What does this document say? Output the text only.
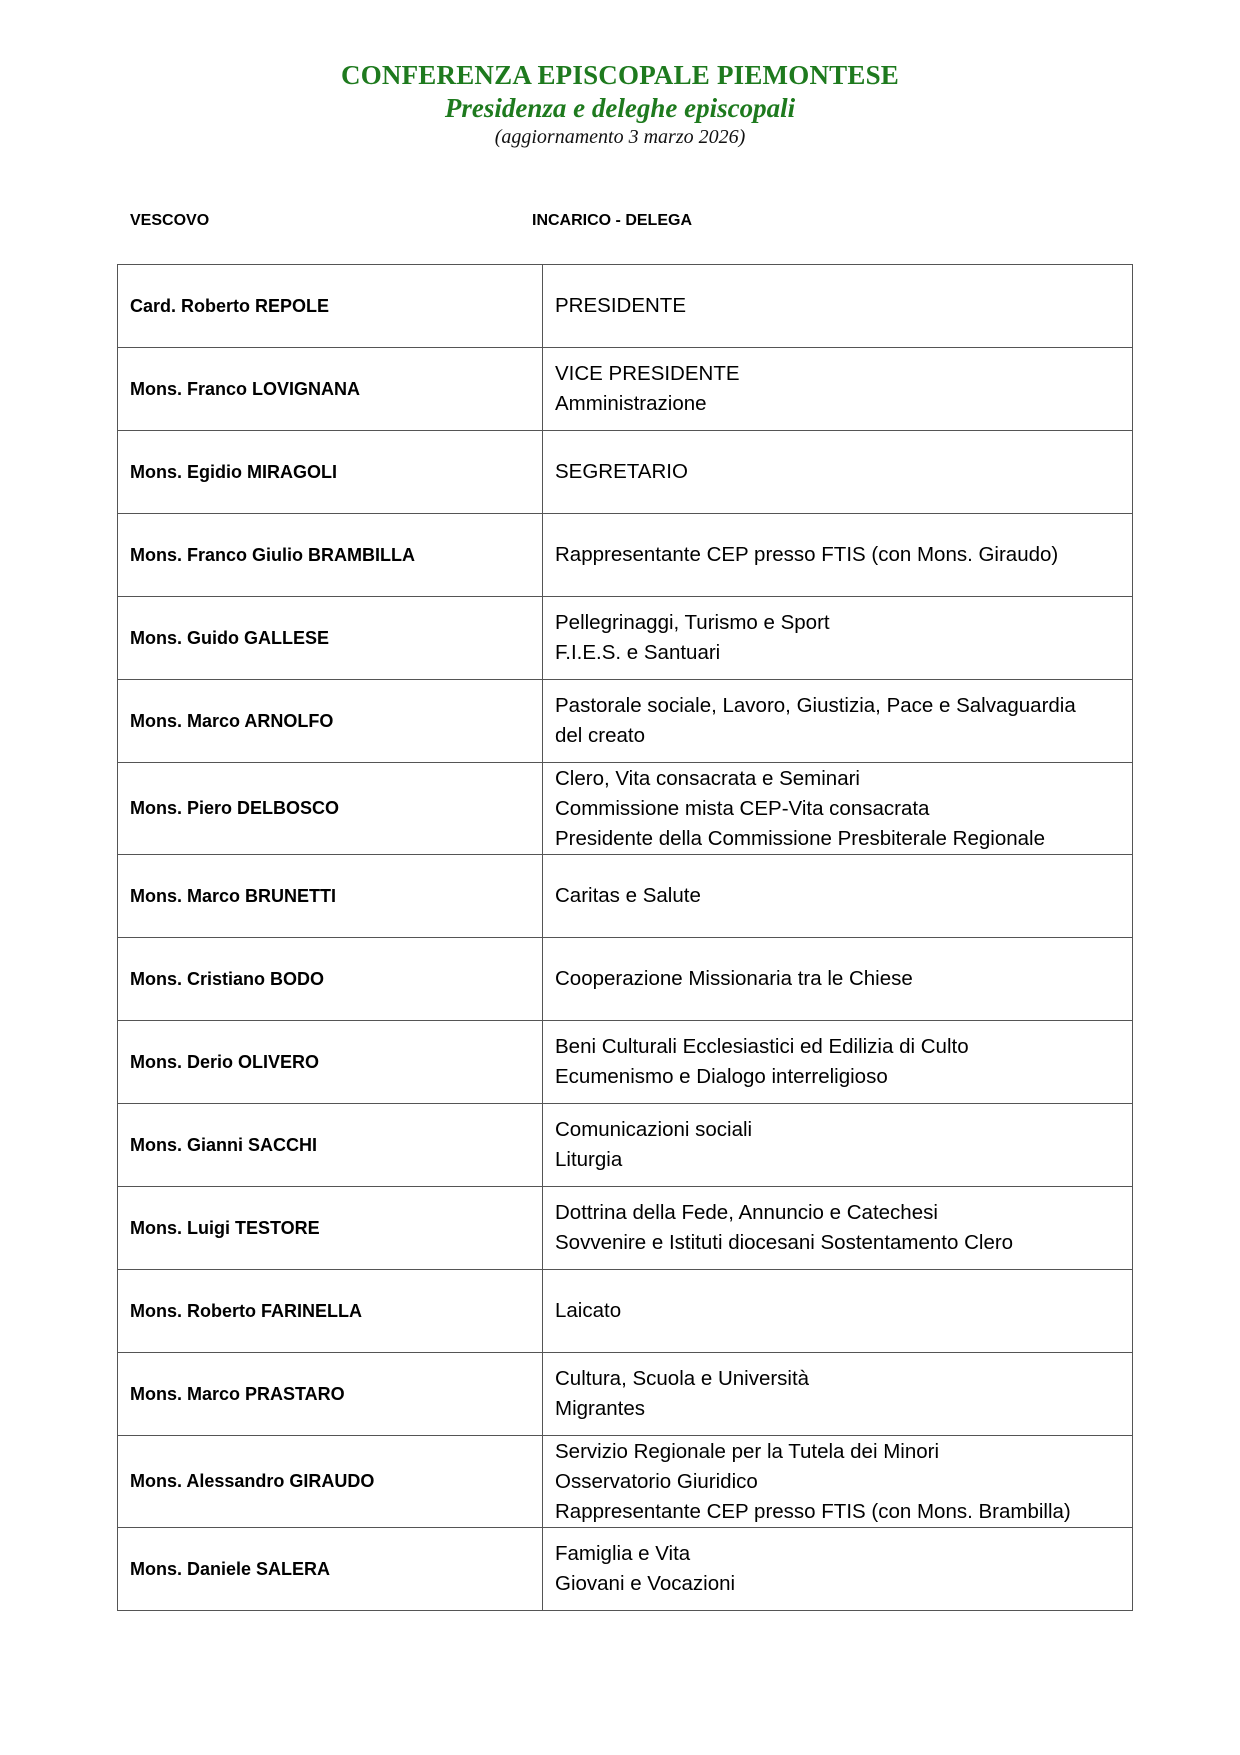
CONFERENZA EPISCOPALE PIEMONTESE
Presidenza e deleghe episcopali
(aggiornamento 3 marzo 2026)
VESCOVO	INCARICO - DELEGA
Card. Roberto REPOLE	PRESIDENTE

Mons. Franco LOVIGNANA	VICE PRESIDENTE
Amministrazione

Mons. Egidio MIRAGOLI	SEGRETARIO

Mons. Franco Giulio BRAMBILLA	Rappresentante CEP presso FTIS (con Mons. Giraudo)

Mons. Guido GALLESE	Pellegrinaggi, Turismo e Sport
F.I.E.S. e Santuari

Mons. Marco ARNOLFO	Pastorale sociale, Lavoro, Giustizia, Pace e Salvaguardia
del creato

Mons. Piero DELBOSCO	Clero, Vita consacrata e Seminari
Commissione mista CEP-Vita consacrata
Presidente della Commissione Presbiterale Regionale

Mons. Marco BRUNETTI	Caritas e Salute

Mons. Cristiano BODO	Cooperazione Missionaria tra le Chiese

Mons. Derio OLIVERO	Beni Culturali Ecclesiastici ed Edilizia di Culto
Ecumenismo e Dialogo interreligioso

Mons. Gianni SACCHI	Comunicazioni sociali
Liturgia

Mons. Luigi TESTORE	Dottrina della Fede, Annuncio e Catechesi
Sovvenire e Istituti diocesani Sostentamento Clero

Mons. Roberto FARINELLA	Laicato

Mons. Marco PRASTARO	Cultura, Scuola e Università
Migrantes

Mons. Alessandro GIRAUDO	Servizio Regionale per la Tutela dei Minori
Osservatorio Giuridico
Rappresentante CEP presso FTIS (con Mons. Brambilla)

Mons. Daniele SALERA	Famiglia e Vita
Giovani e Vocazioni
